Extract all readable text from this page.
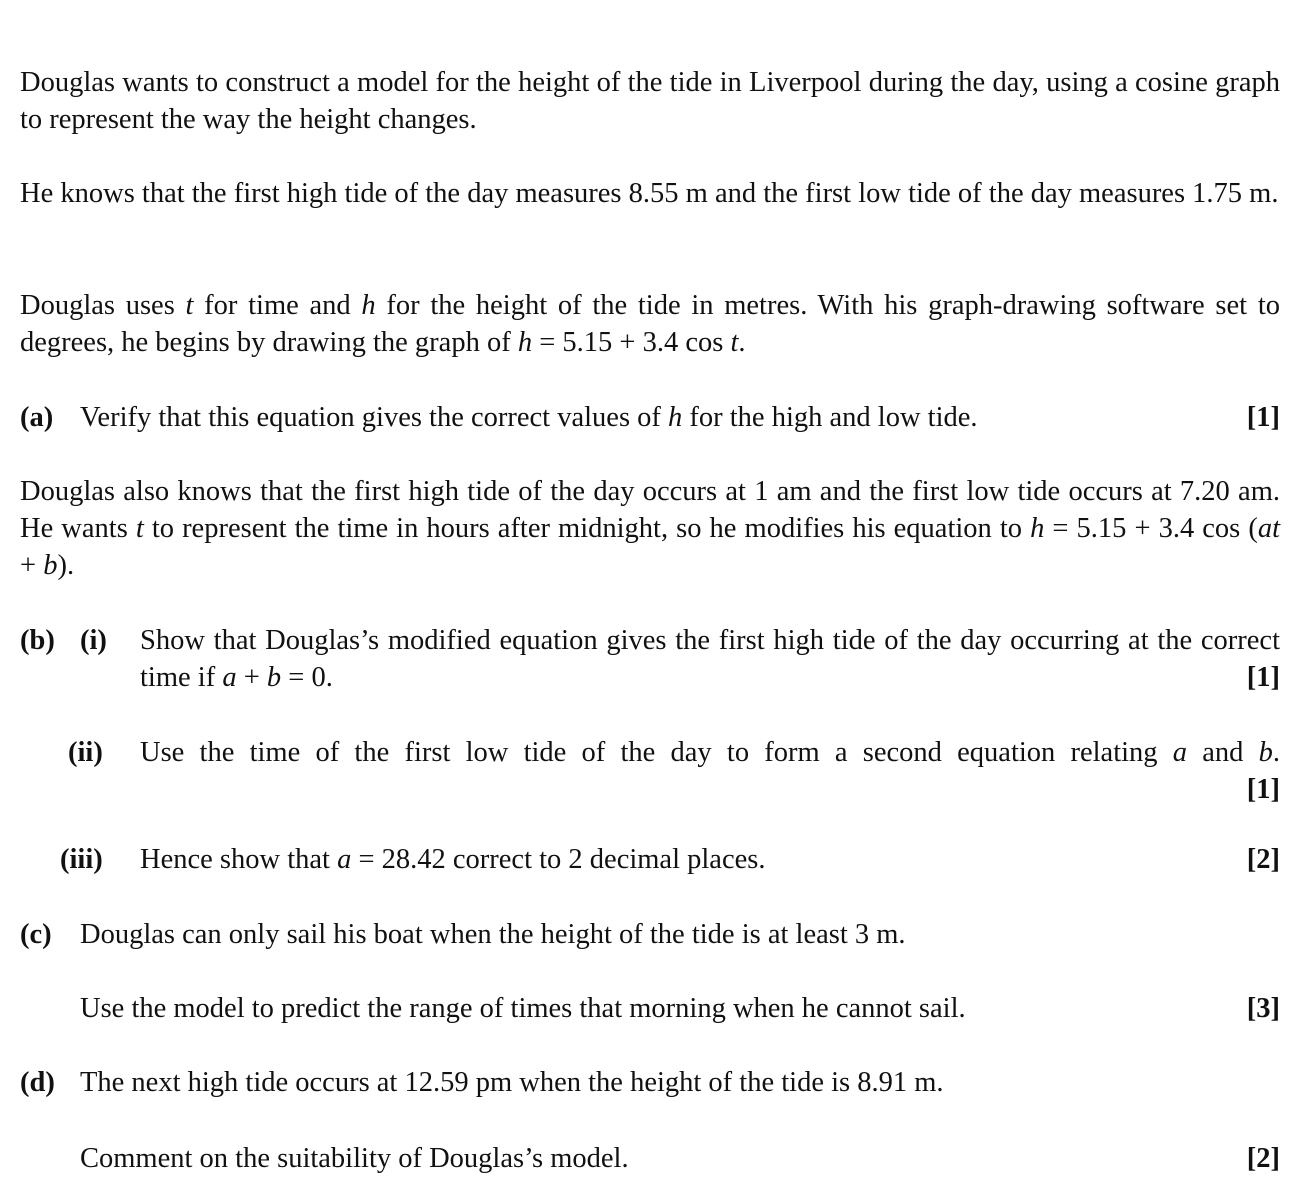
Douglas wants to construct a model for the height of the tide in Liverpool during the day, using a cosine graph to represent the way the height changes.

He knows that the first high tide of the day measures 8.55 m and the first low tide of the day measures 1.75 m.

Douglas uses t for time and h for the height of the tide in metres. With his graph-drawing software set to degrees, he begins by drawing the graph of h = 5.15 + 3.4 cos t.

(a) Verify that this equation gives the correct values of h for the high and low tide.	[1]

Douglas also knows that the first high tide of the day occurs at 1 am and the first low tide occurs at 7.20 am. He wants t to represent the time in hours after midnight, so he modifies his equation to h = 5.15 + 3.4 cos (at + b).

(b) (i) Show that Douglas’s modified equation gives the first high tide of the day occurring at the correct time if a + b = 0.	[1]
(ii) Use the time of the first low tide of the day to form a second equation relating a and b.
[1]
(iii) Hence show that a = 28.42 correct to 2 decimal places.	[2]
(c) Douglas can only sail his boat when the height of the tide is at least 3 m.
Use the model to predict the range of times that morning when he cannot sail.	[3]
(d) The next high tide occurs at 12.59 pm when the height of the tide is 8.91 m.
Comment on the suitability of Douglas’s model.	[2]
